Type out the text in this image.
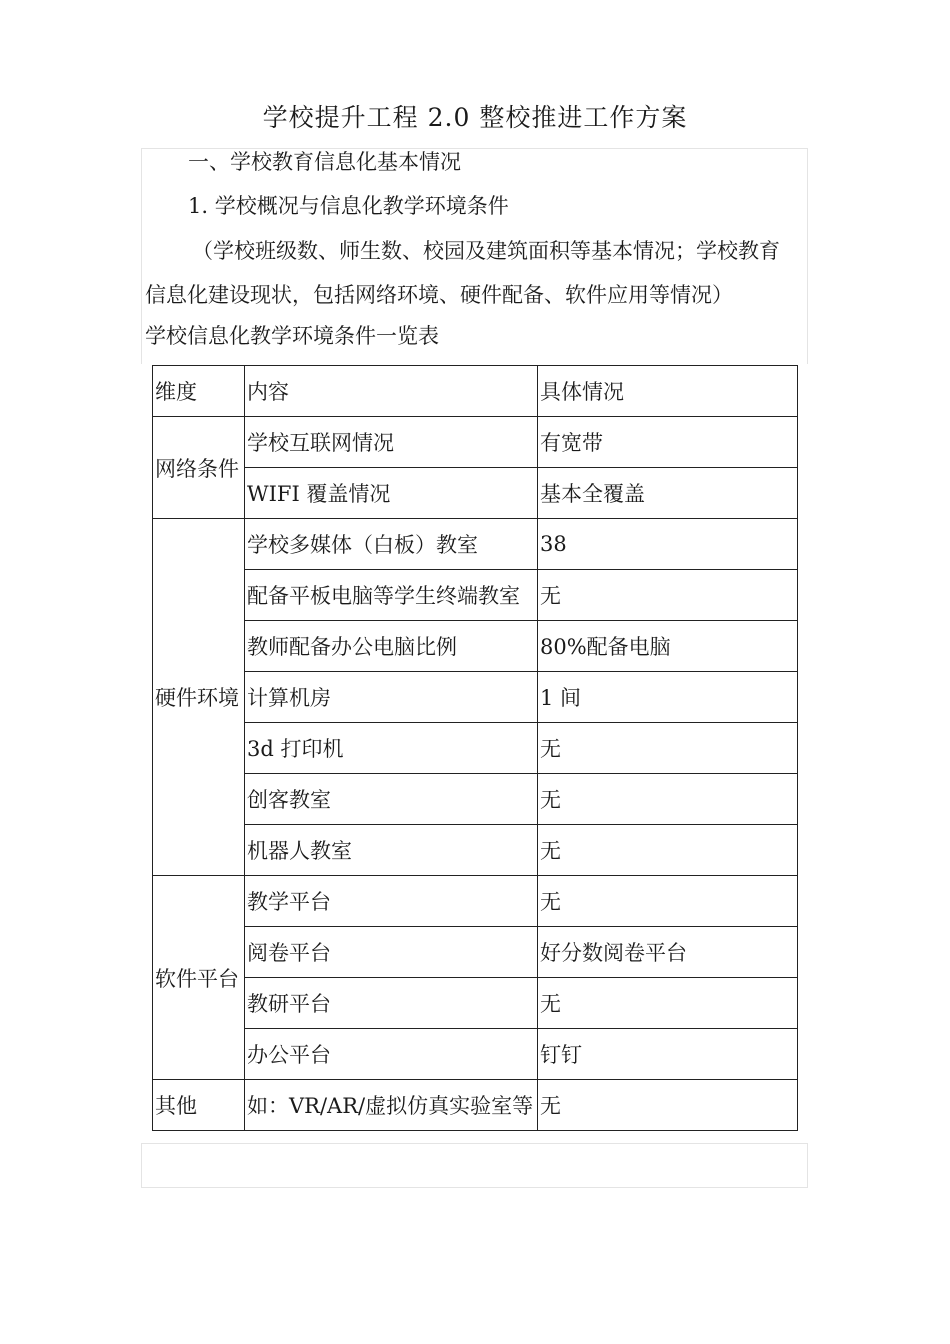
学校提升工程 2.0 整校推进工作方案
一、学校教育信息化基本情况
1. 学校概况与信息化教学环境条件
（学校班级数、师生数、校园及建筑面积等基本情况；学校教育
信息化建设现状，包括网络环境、硬件配备、软件应用等情况）
学校信息化教学环境条件一览表
维度	内容	具体情况
网络条件	学校互联网情况	有宽带
	WIFI 覆盖情况	基本全覆盖
硬件环境	学校多媒体（白板）教室	38
	配备平板电脑等学生终端教室	无
	教师配备办公电脑比例	80%配备电脑
	计算机房	1 间
	3d 打印机	无
	创客教室	无
	机器人教室	无
软件平台	教学平台	无
	阅卷平台	好分数阅卷平台
	教研平台	无
	办公平台	钉钉
其他	如：VR/AR/虚拟仿真实验室等	无
